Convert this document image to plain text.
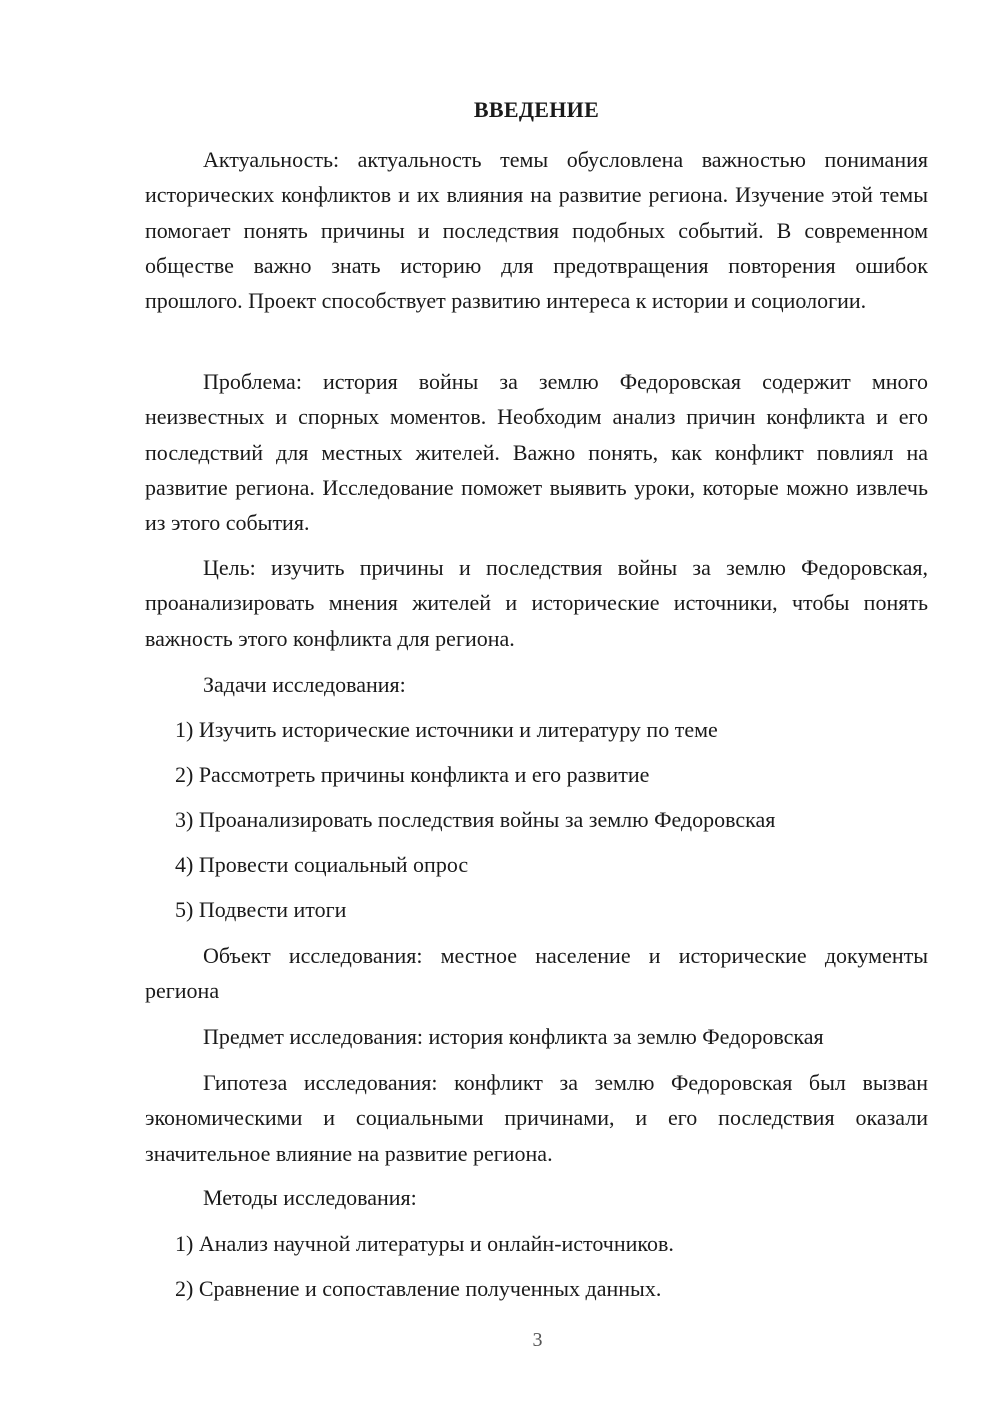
ВВЕДЕНИЕ

Актуальность: актуальность темы обусловлена важностью понимания исторических конфликтов и их влияния на развитие региона. Изучение этой темы помогает понять причины и последствия подобных событий. В современном обществе важно знать историю для предотвращения повторения ошибок прошлого. Проект способствует развитию интереса к истории и социологии.

Проблема: история войны за землю Федоровская содержит много неизвестных и спорных моментов. Необходим анализ причин конфликта и его последствий для местных жителей. Важно понять, как конфликт повлиял на развитие региона. Исследование поможет выявить уроки, которые можно извлечь из этого события.

Цель: изучить причины и последствия войны за землю Федоровская, проанализировать мнения жителей и исторические источники, чтобы понять важность этого конфликта для региона.

Задачи исследования:

1) Изучить исторические источники и литературу по теме

2) Рассмотреть причины конфликта и его развитие

3) Проанализировать последствия войны за землю Федоровская

4) Провести социальный опрос

5) Подвести итоги

Объект исследования: местное население и исторические документы региона

Предмет исследования: история конфликта за землю Федоровская

Гипотеза исследования: конфликт за землю Федоровская был вызван экономическими и социальными причинами, и его последствия оказали значительное влияние на развитие региона.

Методы исследования:

1) Анализ научной литературы и онлайн-источников.

2) Сравнение и сопоставление полученных данных.

3
